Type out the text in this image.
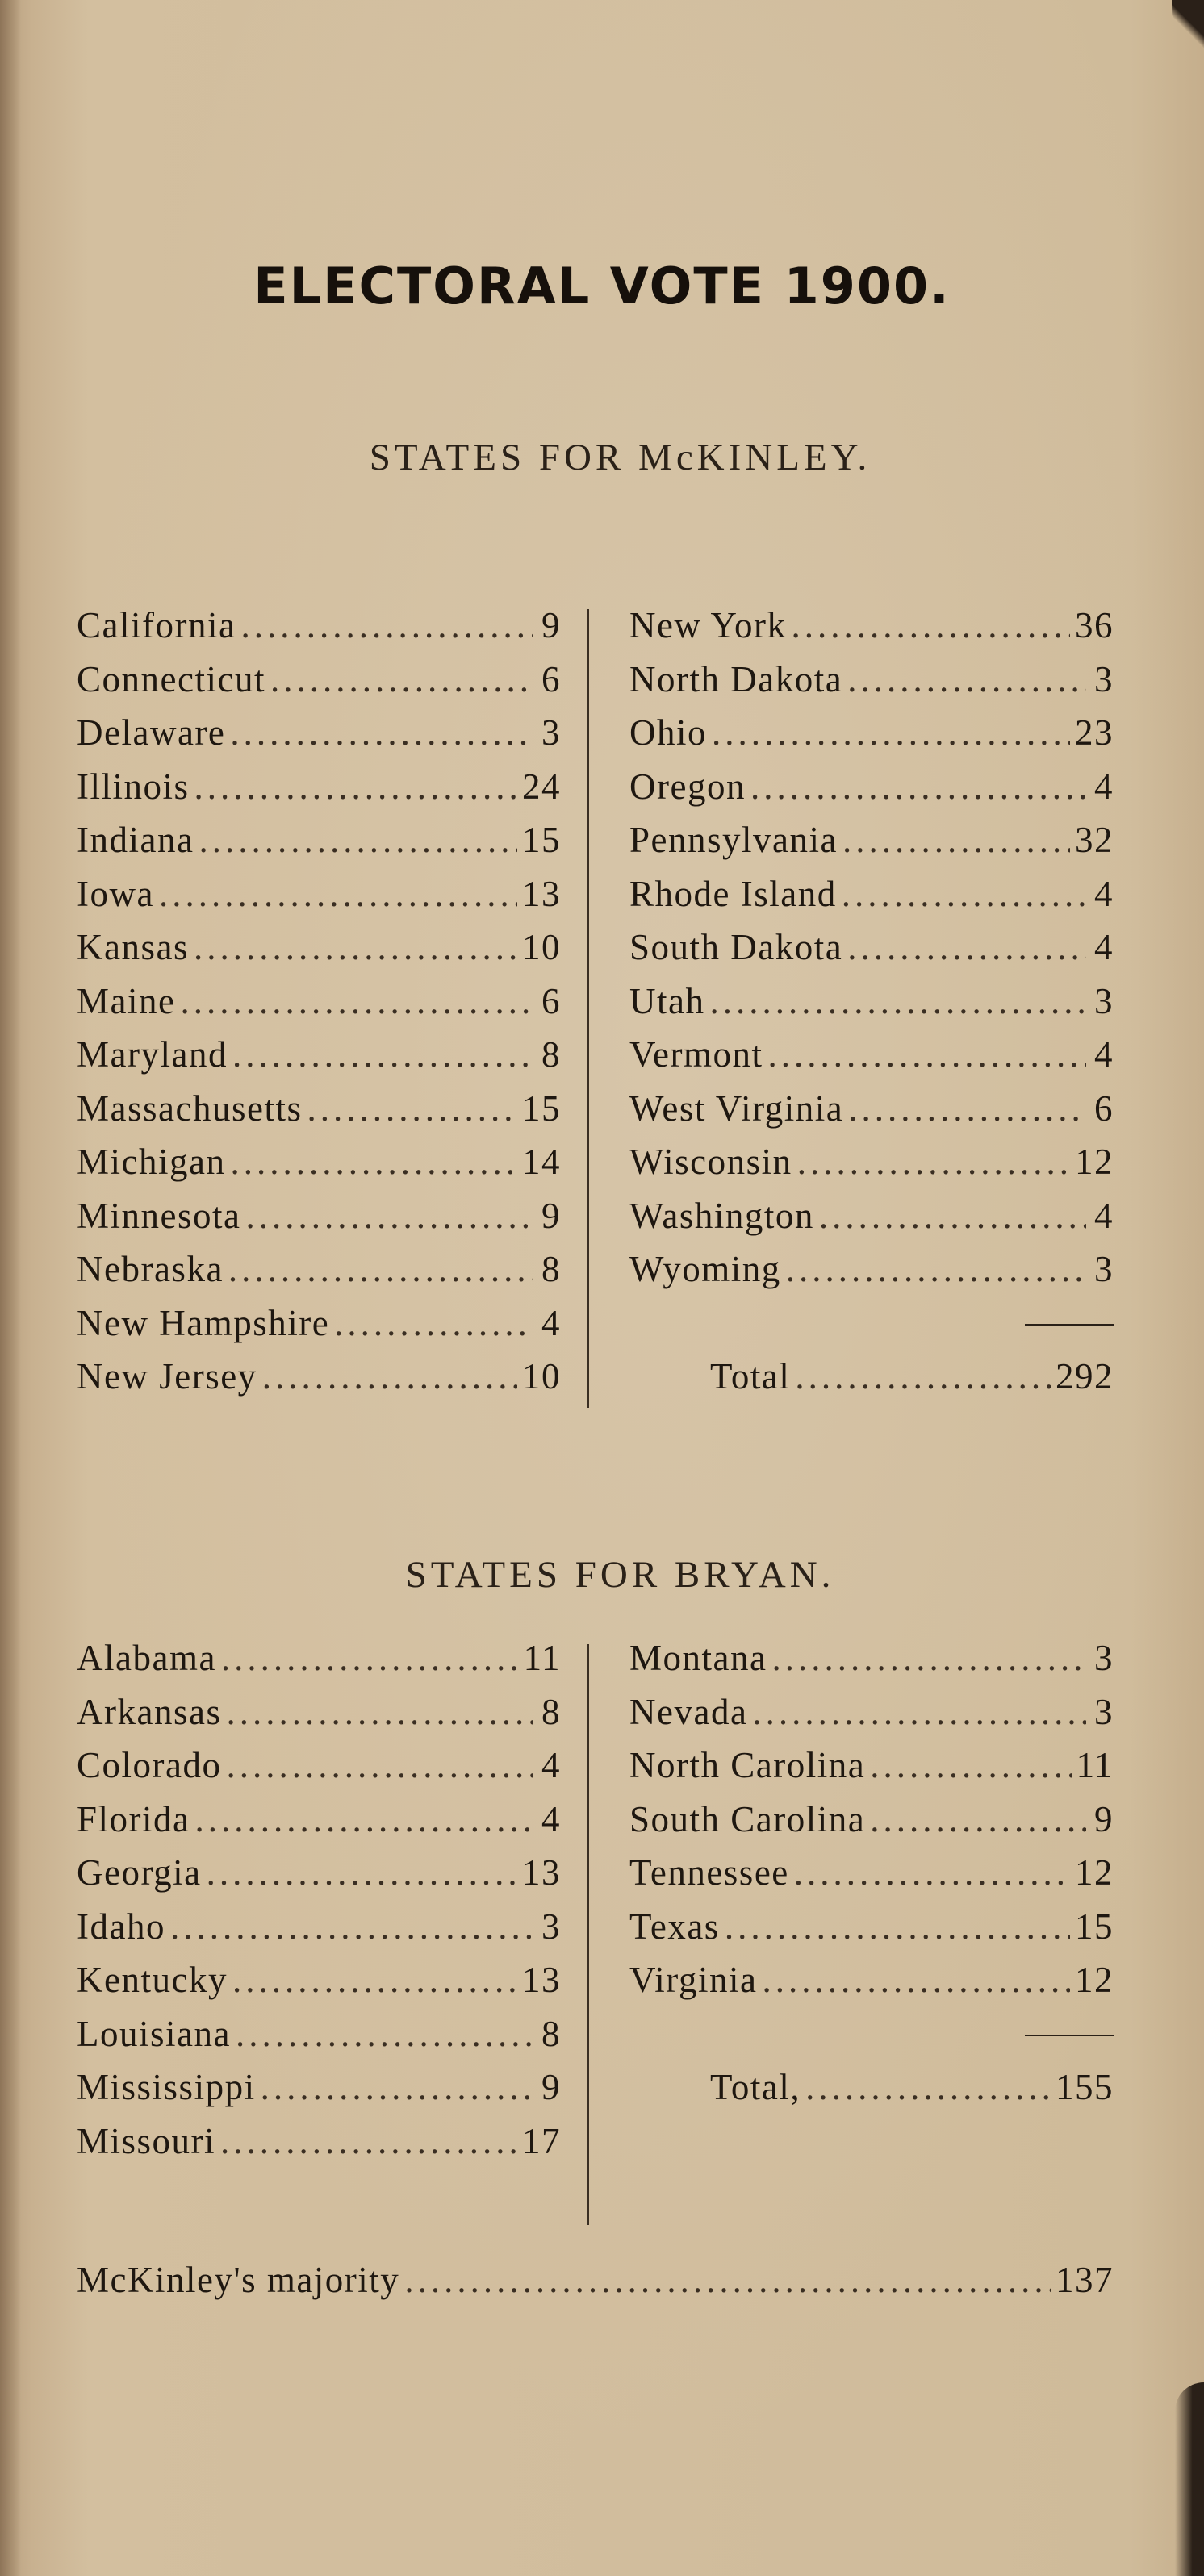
ELECTORAL VOTE 1900.
STATES FOR McKINLEY.
California .....	9
Connecticut .....	6
Delaware .....	3
Illinois .....	24
Indiana .....	15
Iowa .....	13
Kansas .....	10
Maine .....	6
Maryland .....	8
Massachusetts .....	15
Michigan .....	14
Minnesota .....	9
Nebraska .....	8
New Hampshire .....	4
New Jersey .....	10
New York .....	36
North Dakota .....	3
Ohio .....	23
Oregon .....	4
Pennsylvania .....	32
Rhode Island .....	4
South Dakota .....	4
Utah .....	3
Vermont .....	4
West Virginia .....	6
Wisconsin .....	12
Washington .....	4
Wyoming .....	3
Total .....	292
STATES FOR BRYAN.
Alabama .....	11
Arkansas .....	8
Colorado .....	4
Florida .....	4
Georgia .....	13
Idaho .....	3
Kentucky .....	13
Louisiana .....	8
Mississippi .....	9
Missouri .....	17
Montana .....	3
Nevada .....	3
North Carolina .....	11
South Carolina .....	9
Tennessee .....	12
Texas .....	15
Virginia .....	12
Total, .....	155
McKinley's majority .....	137
